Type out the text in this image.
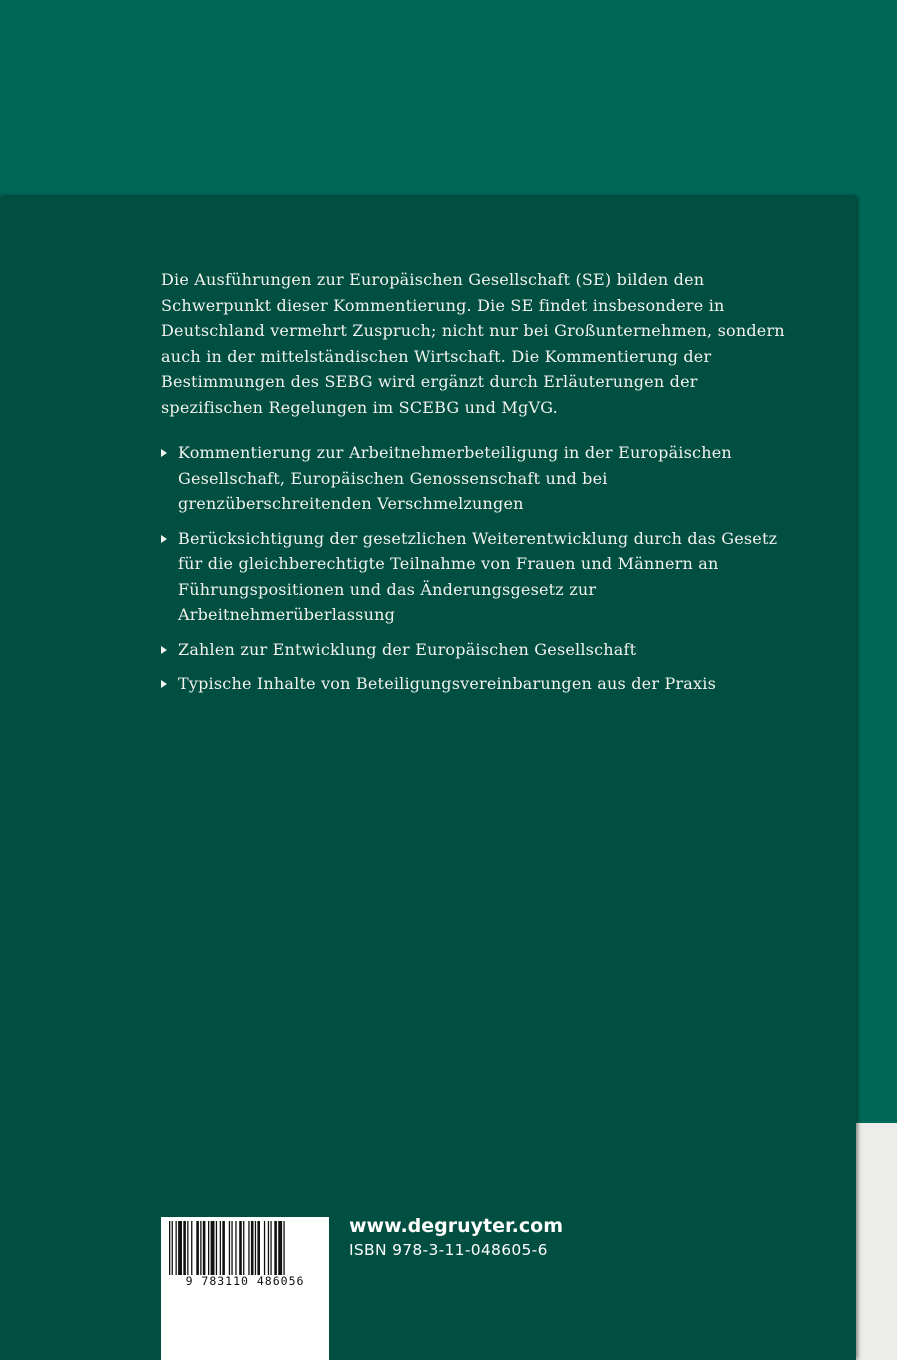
Die Ausführungen zur Europäischen Gesellschaft (SE) bilden den Schwerpunkt dieser Kommentierung. Die SE findet insbesondere in Deutschland vermehrt Zuspruch; nicht nur bei Großunternehmen, sondern auch in der mittelständischen Wirtschaft. Die Kommentierung der Bestimmungen des SEBG wird ergänzt durch Erläuterungen der spezifischen Regelungen im SCEBG und MgVG.

Kommentierung zur Arbeitnehmerbeteiligung in der Europäischen Gesellschaft, Europäischen Genossenschaft und bei grenzüberschreitenden Verschmelzungen
Berücksichtigung der gesetzlichen Weiterentwicklung durch das Gesetz für die gleichberechtigte Teilnahme von Frauen und Männern an Führungspositionen und das Änderungsgesetz zur Arbeitnehmerüberlassung
Zahlen zur Entwicklung der Europäischen Gesellschaft
Typische Inhalte von Beteiligungsvereinbarungen aus der Praxis
9 783110 486056

www.degruyter.com

ISBN 978-3-11-048605-6
